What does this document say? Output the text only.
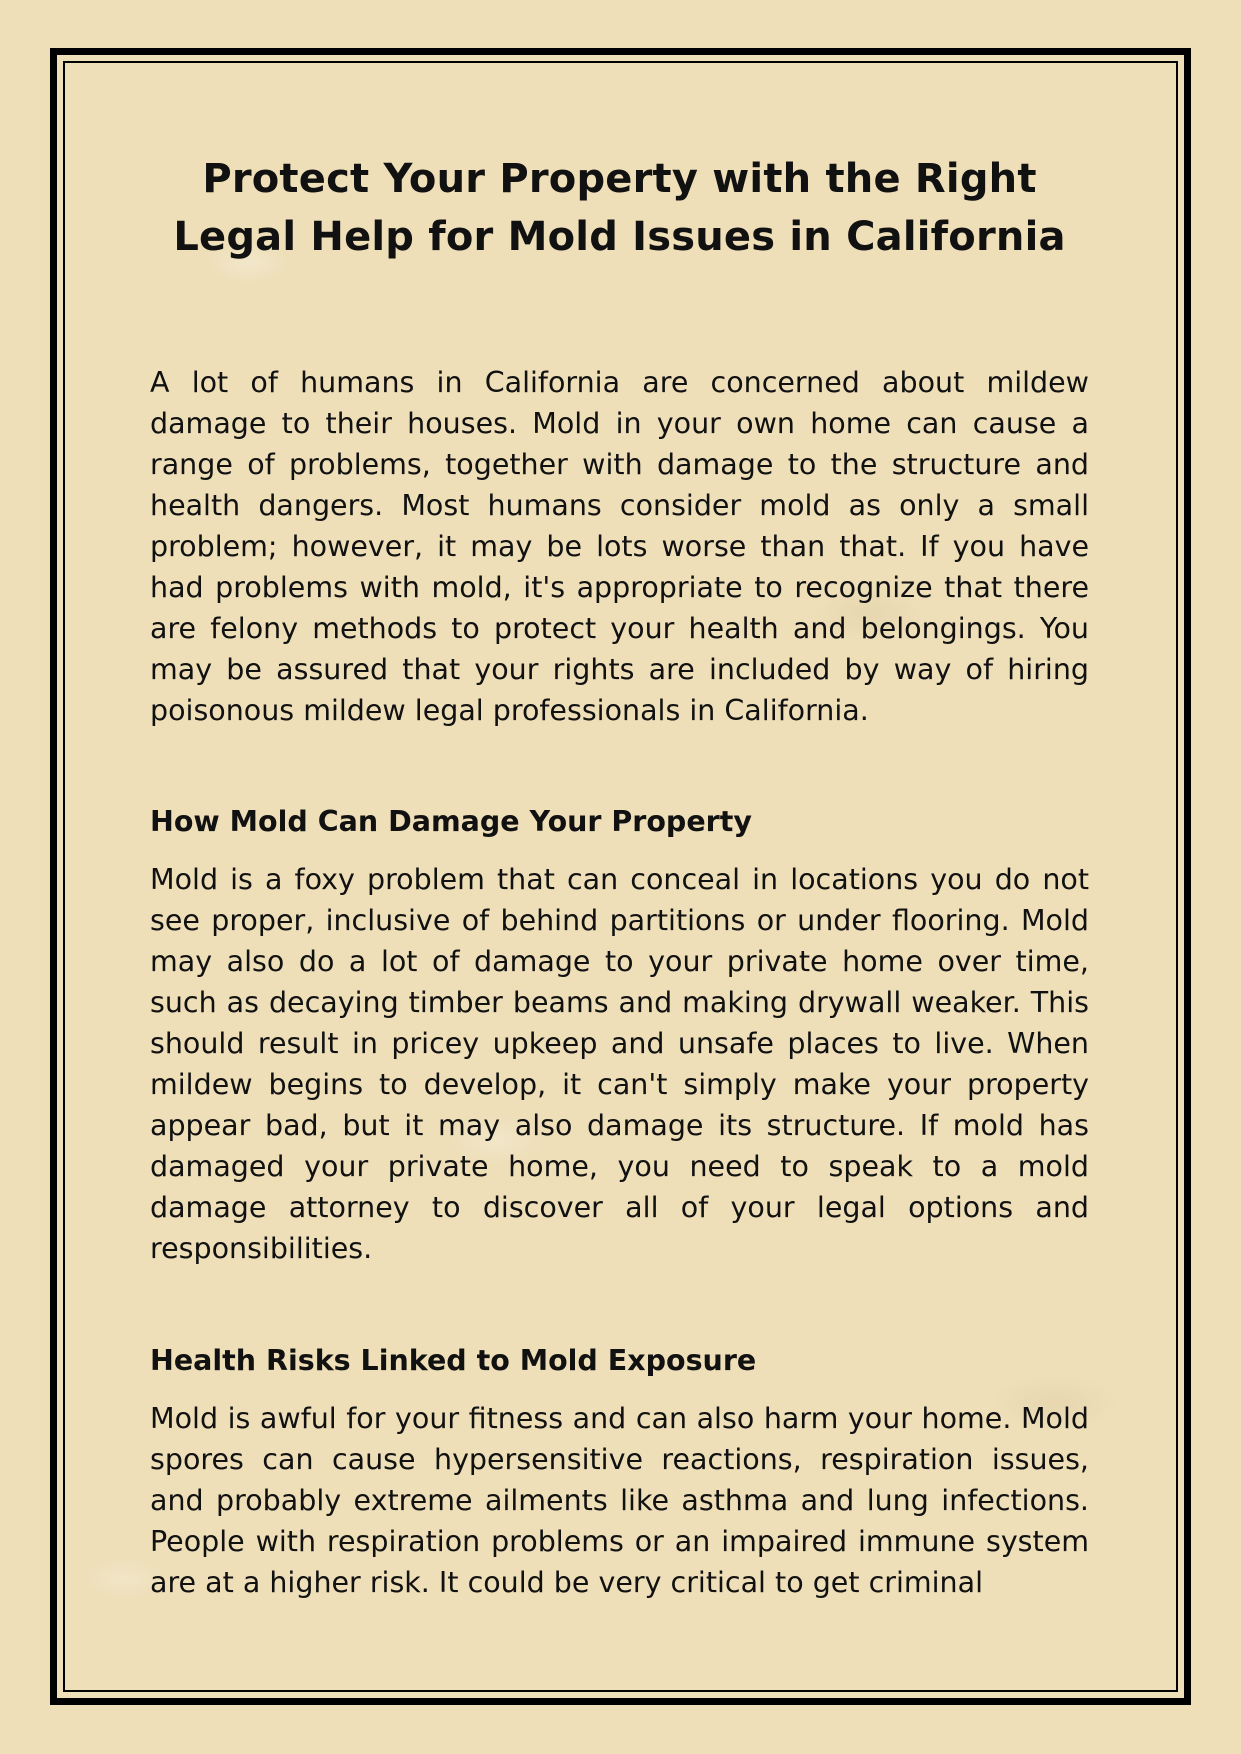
Protect Your Property with the Right Legal Help for Mold Issues in California

A lot of humans in California are concerned about mildew damage to their houses. Mold in your own home can cause a range of problems, together with damage to the structure and health dangers. Most humans consider mold as only a small problem; however, it may be lots worse than that. If you have had problems with mold, it's appropriate to recognize that there are felony methods to protect your health and belongings. You may be assured that your rights are included by way of hiring poisonous mildew legal professionals in California.

How Mold Can Damage Your Property

Mold is a foxy problem that can conceal in locations you do not see proper, inclusive of behind partitions or under flooring. Mold may also do a lot of damage to your private home over time, such as decaying timber beams and making drywall weaker. This should result in pricey upkeep and unsafe places to live. When mildew begins to develop, it can't simply make your property appear bad, but it may also damage its structure. If mold has damaged your private home, you need to speak to a mold damage attorney to discover all of your legal options and responsibilities.

Health Risks Linked to Mold Exposure

Mold is awful for your fitness and can also harm your home. Mold spores can cause hypersensitive reactions, respiration issues, and probably extreme ailments like asthma and lung infections. People with respiration problems or an impaired immune system are at a higher risk. It could be very critical to get criminal
